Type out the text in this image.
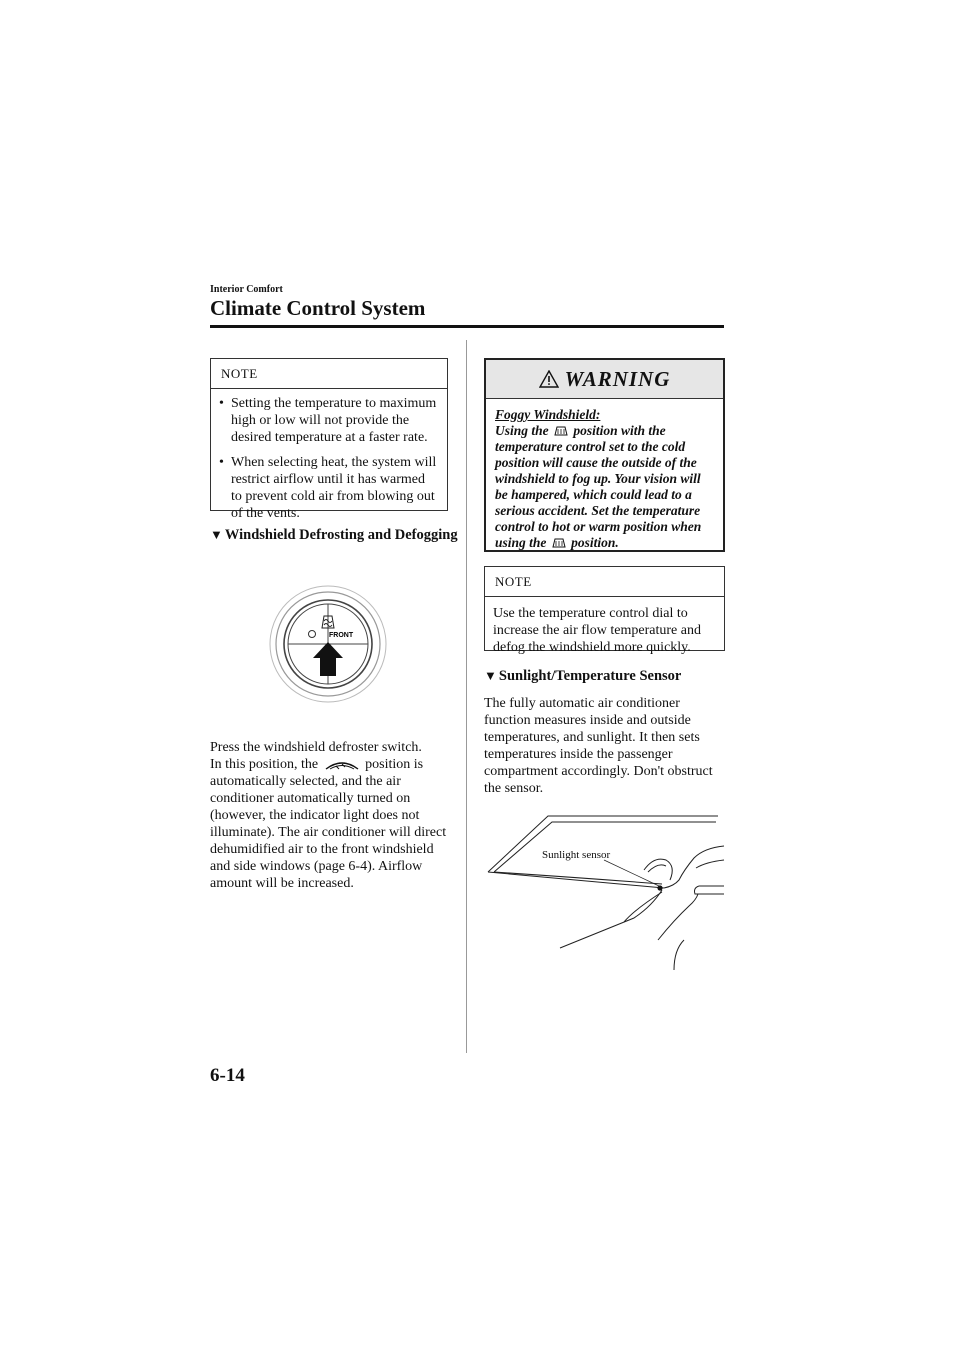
Interior Comfort
Climate Control System
NOTE
• Setting the temperature to maximum high or low will not provide the desired temperature at a faster rate.
• When selecting heat, the system will restrict airflow until it has warmed to prevent cold air from blowing out of the vents.
▼ Windshield Defrosting and Defogging
FRONT
Press the windshield defroster switch.
In this position, the	position is
automatically selected, and the air
conditioner automatically turned on
(however, the indicator light does not
illuminate). The air conditioner will direct
dehumidified air to the front windshield
and side windows (page 6-4). Airflow
amount will be increased.
WARNING
Foggy Windshield:
Using the position with the
temperature control set to the cold
position will cause the outside of the
windshield to fog up. Your vision will
be hampered, which could lead to a
serious accident. Set the temperature
control to hot or warm position when
using the position.
NOTE
Use the temperature control dial to
increase the air flow temperature and
defog the windshield more quickly.
▼ Sunlight/Temperature Sensor
The fully automatic air conditioner
function measures inside and outside
temperatures, and sunlight. It then sets
temperatures inside the passenger
compartment accordingly. Don't obstruct
the sensor.
Sunlight sensor
6-14
